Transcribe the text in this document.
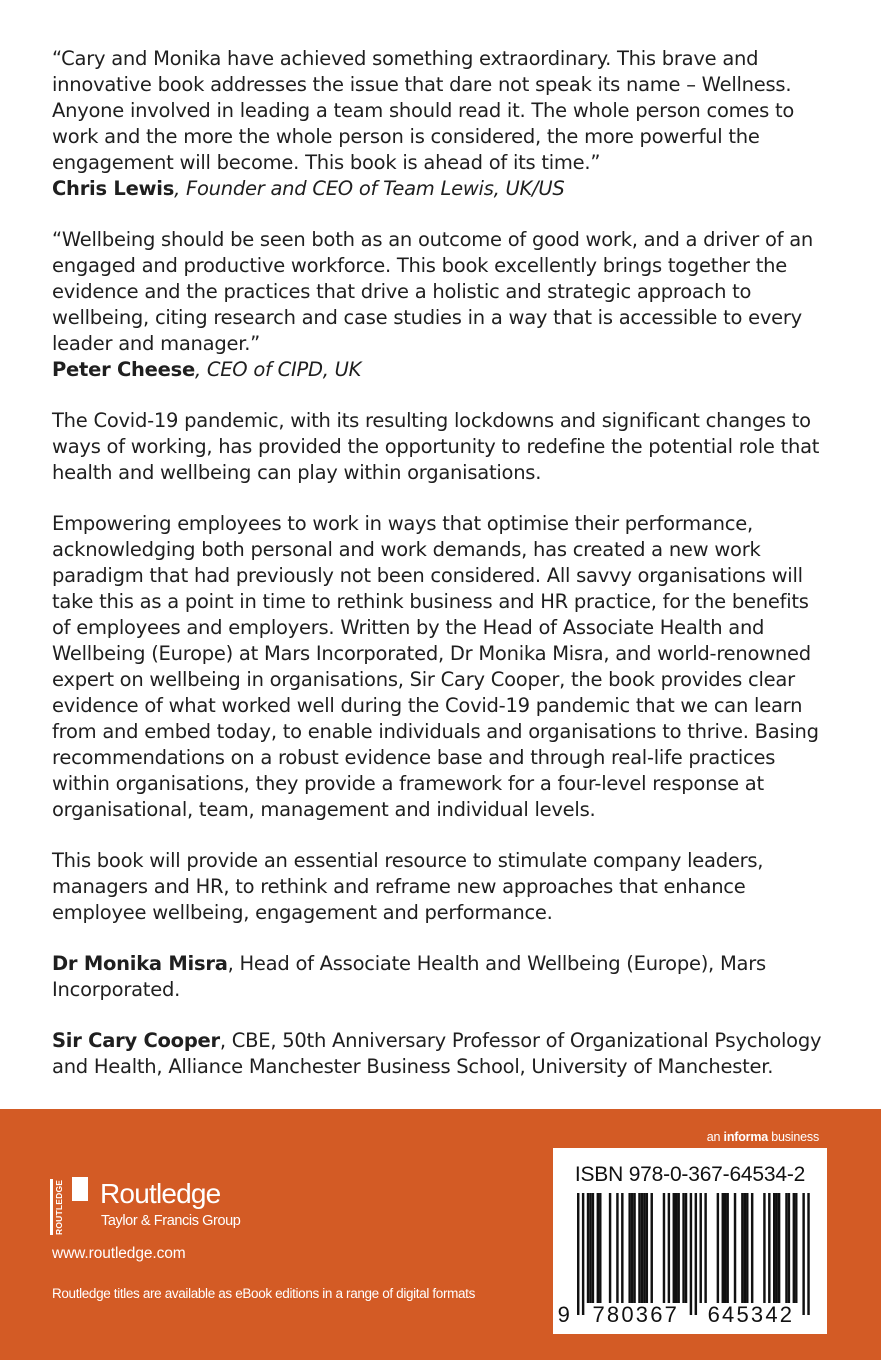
“Cary and Monika have achieved something extraordinary. This brave and innovative book addresses the issue that dare not speak its name – Wellness. Anyone involved in leading a team should read it. The whole person comes to work and the more the whole person is considered, the more powerful the engagement will become. This book is ahead of its time.”

Chris Lewis, Founder and CEO of Team Lewis, UK/US

“Wellbeing should be seen both as an outcome of good work, and a driver of an engaged and productive workforce. This book excellently brings together the evidence and the practices that drive a holistic and strategic approach to wellbeing, citing research and case studies in a way that is accessible to every leader and manager.”

Peter Cheese, CEO of CIPD, UK

The Covid-19 pandemic, with its resulting lockdowns and significant changes to ways of working, has provided the opportunity to redefine the potential role that health and wellbeing can play within organisations.
Empowering employees to work in ways that optimise their performance, acknowledging both personal and work demands, has created a new work paradigm that had previously not been considered. All savvy organisations will take this as a point in time to rethink business and HR practice, for the benefits of employees and employers. Written by the Head of Associate Health and Wellbeing (Europe) at Mars Incorporated, Dr Monika Misra, and world-renowned expert on wellbeing in organisations, Sir Cary Cooper, the book provides clear evidence of what worked well during the Covid-19 pandemic that we can learn from and embed today, to enable individuals and organisations to thrive. Basing recommendations on a robust evidence base and through real-life practices within organisations, they provide a framework for a four-level response at organisational, team, management and individual levels.
This book will provide an essential resource to stimulate company leaders, managers and HR, to rethink and reframe new approaches that enhance employee wellbeing, engagement and performance.
Dr Monika Misra, Head of Associate Health and Wellbeing (Europe), Mars Incorporated.
Sir Cary Cooper, CBE, 50th Anniversary Professor of Organizational Psychology and Health, Alliance Manchester Business School, University of Manchester.
an informa business
ROUTLEDGE Routledge
Taylor & Francis Group
www.routledge.com
Routledge titles are available as eBook editions in a range of digital formats
ISBN 978-0-367-64534-2
9 780367 645342
